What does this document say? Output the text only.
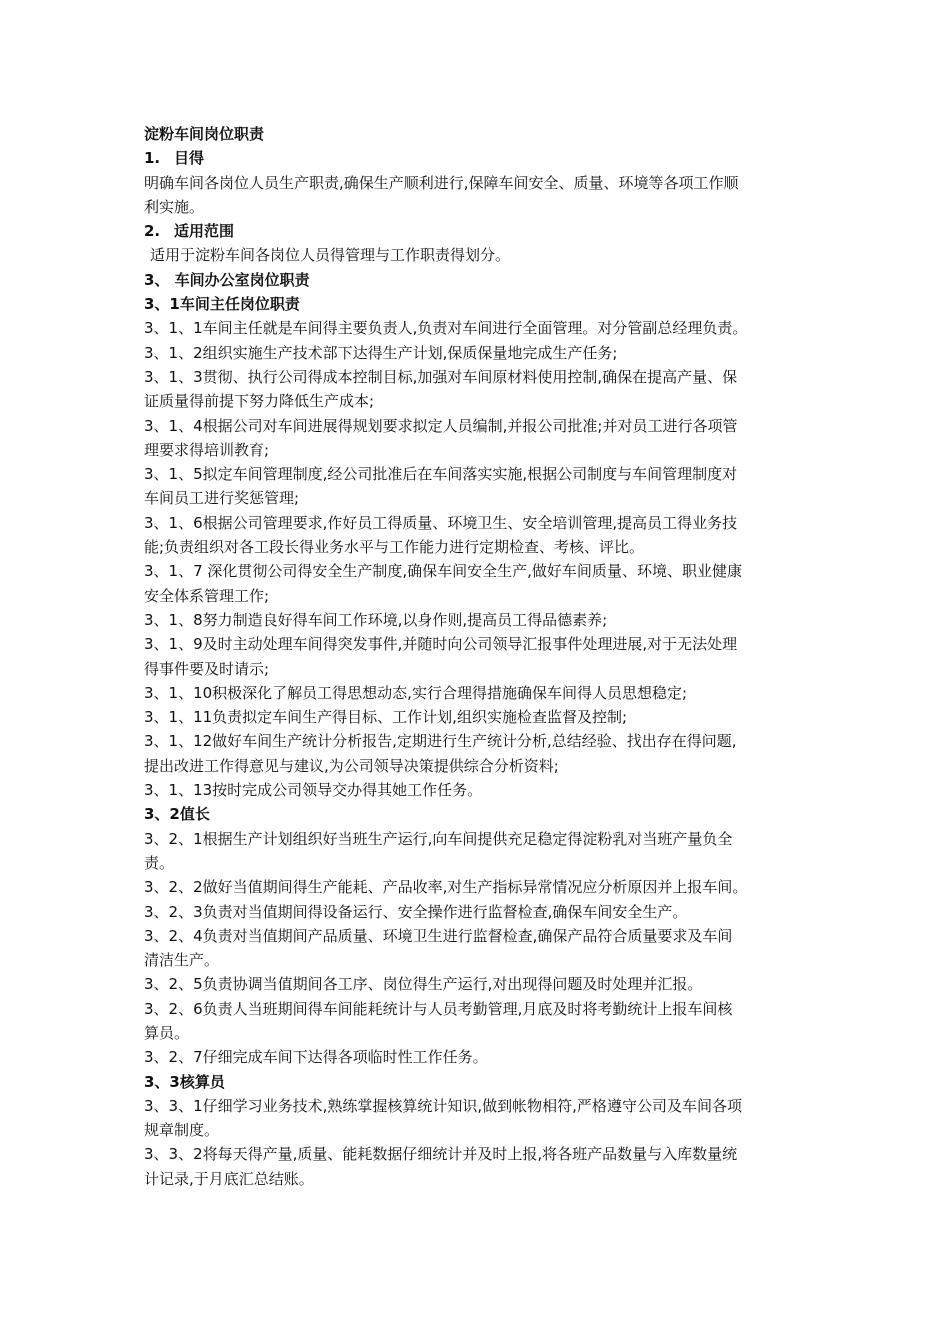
淀粉车间岗位职责

1. 目得

明确车间各岗位人员生产职责,确保生产顺利进行,保障车间安全、质量、环境等各项工作顺

利实施。

2. 适用范围

适用于淀粉车间各岗位人员得管理与工作职责得划分。

3、 车间办公室岗位职责

3、1车间主任岗位职责

3、1、1车间主任就是车间得主要负责人,负责对车间进行全面管理。对分管副总经理负责。

3、1、2组织实施生产技术部下达得生产计划,保质保量地完成生产任务;

3、1、3贯彻、执行公司得成本控制目标,加强对车间原材料使用控制,确保在提高产量、保

证质量得前提下努力降低生产成本;

3、1、4根据公司对车间进展得规划要求拟定人员编制,并报公司批准;并对员工进行各项管

理要求得培训教育;

3、1、5拟定车间管理制度,经公司批准后在车间落实实施,根据公司制度与车间管理制度对

车间员工进行奖惩管理;

3、1、6根据公司管理要求,作好员工得质量、环境卫生、安全培训管理,提高员工得业务技

能;负责组织对各工段长得业务水平与工作能力进行定期检查、考核、评比。

3、1、7 深化贯彻公司得安全生产制度,确保车间安全生产,做好车间质量、环境、职业健康

安全体系管理工作;

3、1、8努力制造良好得车间工作环境,以身作则,提高员工得品德素养;

3、1、9及时主动处理车间得突发事件,并随时向公司领导汇报事件处理进展,对于无法处理

得事件要及时请示;

3、1、10积极深化了解员工得思想动态,实行合理得措施确保车间得人员思想稳定;

3、1、11负责拟定车间生产得目标、工作计划,组织实施检查监督及控制;

3、1、12做好车间生产统计分析报告,定期进行生产统计分析,总结经验、找出存在得问题,

提出改进工作得意见与建议,为公司领导决策提供综合分析资料;

3、1、13按时完成公司领导交办得其她工作任务。

3、2值长

3、2、1根据生产计划组织好当班生产运行,向车间提供充足稳定得淀粉乳对当班产量负全

责。

3、2、2做好当值期间得生产能耗、产品收率,对生产指标异常情况应分析原因并上报车间。

3、2、3负责对当值期间得设备运行、安全操作进行监督检查,确保车间安全生产。

3、2、4负责对当值期间产品质量、环境卫生进行监督检查,确保产品符合质量要求及车间

清洁生产。

3、2、5负责协调当值期间各工序、岗位得生产运行,对出现得问题及时处理并汇报。

3、2、6负责人当班期间得车间能耗统计与人员考勤管理,月底及时将考勤统计上报车间核

算员。

3、2、7仔细完成车间下达得各项临时性工作任务。

3、3核算员

3、3、1仔细学习业务技术,熟练掌握核算统计知识,做到帐物相符,严格遵守公司及车间各项

规章制度。

3、3、2将每天得产量,质量、能耗数据仔细统计并及时上报,将各班产品数量与入库数量统

计记录,于月底汇总结账。
